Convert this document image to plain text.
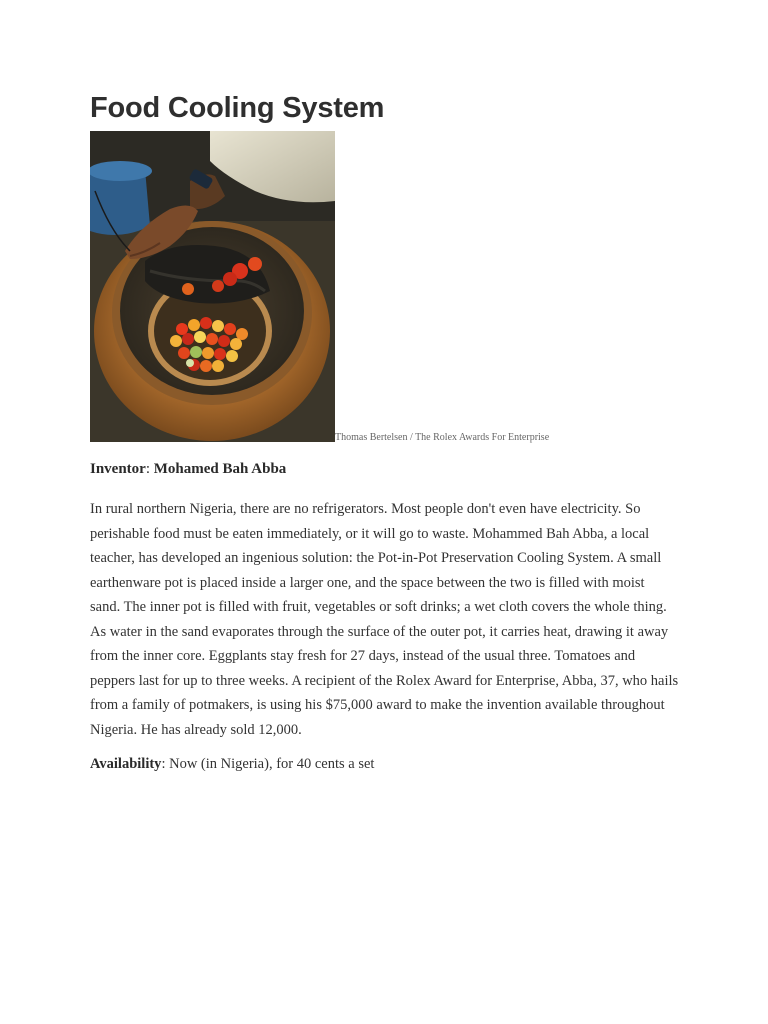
Food Cooling System
Thomas Bertelsen / The Rolex Awards For Enterprise

Inventor: Mohamed Bah Abba

In rural northern Nigeria, there are no refrigerators. Most people don't even have electricity. So
perishable food must be eaten immediately, or it will go to waste. Mohammed Bah Abba, a local
teacher, has developed an ingenious solution: the Pot-in-Pot Preservation Cooling System. A small
earthenware pot is placed inside a larger one, and the space between the two is filled with moist
sand. The inner pot is filled with fruit, vegetables or soft drinks; a wet cloth covers the whole thing.
As water in the sand evaporates through the surface of the outer pot, it carries heat, drawing it away
from the inner core. Eggplants stay fresh for 27 days, instead of the usual three. Tomatoes and
peppers last for up to three weeks. A recipient of the Rolex Award for Enterprise, Abba, 37, who hails
from a family of potmakers, is using his $75,000 award to make the invention available throughout
Nigeria. He has already sold 12,000.

Availability: Now (in Nigeria), for 40 cents a set
